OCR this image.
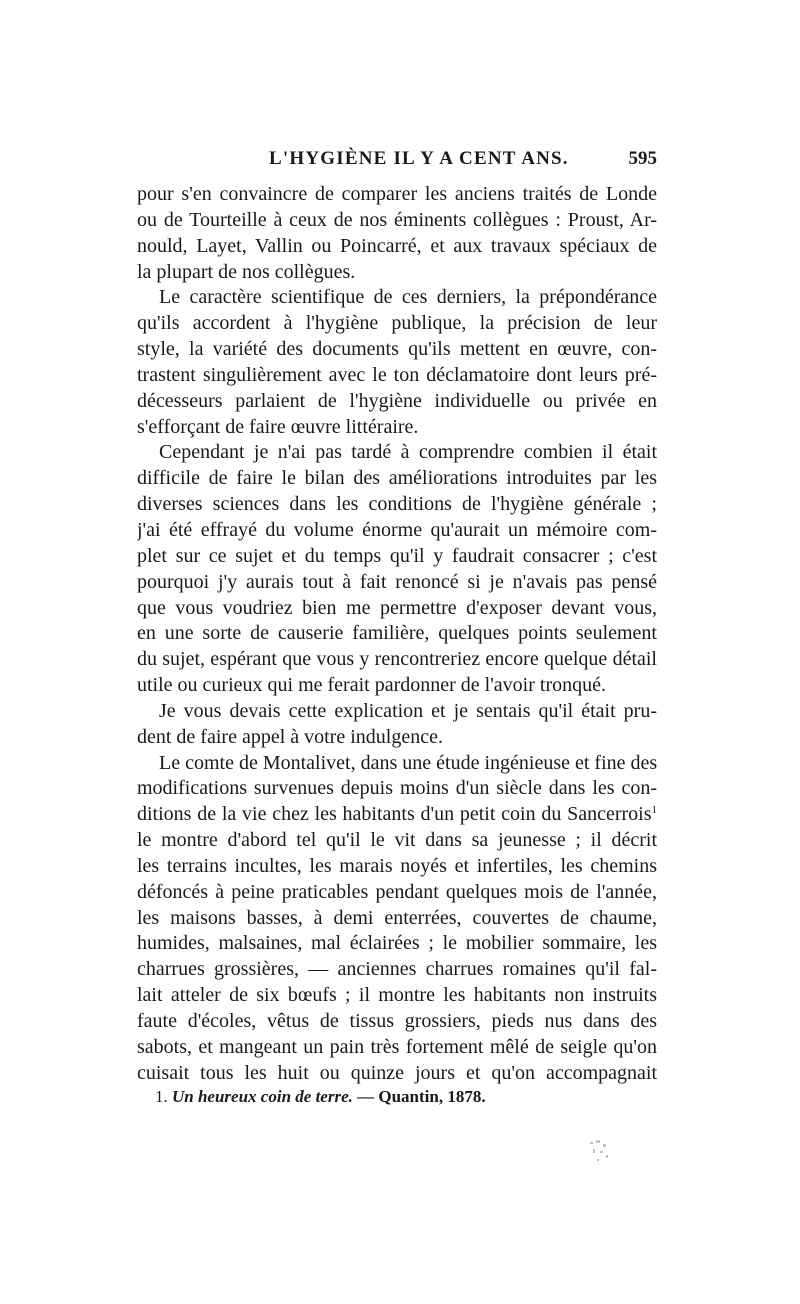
L'HYGIÈNE IL Y A CENT ANS.	595
pour s'en convaincre de comparer les anciens traités de Londe
ou de Tourteille à ceux de nos éminents collègues : Proust, Ar-
nould, Layet, Vallin ou Poincarré, et aux travaux spéciaux de
la plupart de nos collègues.
Le caractère scientifique de ces derniers, la prépondérance
qu'ils accordent à l'hygiène publique, la précision de leur
style, la variété des documents qu'ils mettent en œuvre, con-
trastent singulièrement avec le ton déclamatoire dont leurs pré-
décesseurs parlaient de l'hygiène individuelle ou privée en
s'efforçant de faire œuvre littéraire.
Cependant je n'ai pas tardé à comprendre combien il était
difficile de faire le bilan des améliorations introduites par les
diverses sciences dans les conditions de l'hygiène générale ;
j'ai été effrayé du volume énorme qu'aurait un mémoire com-
plet sur ce sujet et du temps qu'il y faudrait consacrer ; c'est
pourquoi j'y aurais tout à fait renoncé si je n'avais pas pensé
que vous voudriez bien me permettre d'exposer devant vous,
en une sorte de causerie familière, quelques points seulement
du sujet, espérant que vous y rencontreriez encore quelque détail
utile ou curieux qui me ferait pardonner de l'avoir tronqué.
Je vous devais cette explication et je sentais qu'il était pru-
dent de faire appel à votre indulgence.
Le comte de Montalivet, dans une étude ingénieuse et fine des
modifications survenues depuis moins d'un siècle dans les con-
ditions de la vie chez les habitants d'un petit coin du Sancerrois$^1$
le montre d'abord tel qu'il le vit dans sa jeunesse ; il décrit
les terrains incultes, les marais noyés et infertiles, les chemins
défoncés à peine praticables pendant quelques mois de l'année,
les maisons basses, à demi enterrées, couvertes de chaume,
humides, malsaines, mal éclairées ; le mobilier sommaire, les
charrues grossières, — anciennes charrues romaines qu'il fal-
lait atteler de six bœufs ; il montre les habitants non instruits
faute d'écoles, vêtus de tissus grossiers, pieds nus dans des
sabots, et mangeant un pain très fortement mêlé de seigle qu'on
cuisait tous les huit ou quinze jours et qu'on accompagnait
1. Un heureux coin de terre. — Quantin, 1878.
